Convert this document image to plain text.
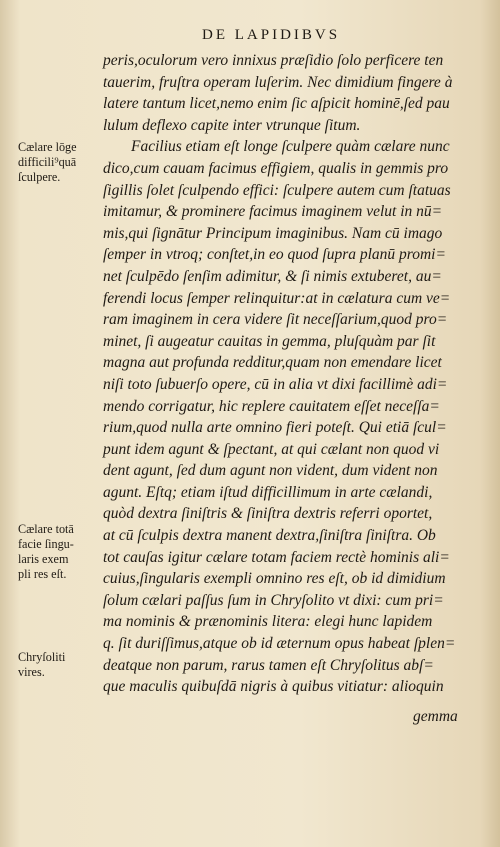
DE LAPIDIBVS
peris,oculorum vero innixus præſidio ſolo perficere ten
tauerim, fruſtra operam luſerim. Nec dimidium fingere à
latere tantum licet,nemo enim ſic aſpicit hominē,ſed pau
lulum deflexo capite inter vtrunque ſitum.
Facilius etiam eſt longe ſculpere quàm cælare nunc
dico,cum cauam facimus effigiem, qualis in gemmis pro
ſigillis ſolet ſculpendo effici: ſculpere autem cum ſtatuas
imitamur, & prominere facimus imaginem velut in nū=
mis,qui ſignātur Principum imaginibus. Nam cū imago
ſemper in vtroq; conſtet,in eo quod ſupra planū promi=
net ſculpēdo ſenſim adimitur, & ſi nimis extuberet, au=
ferendi locus ſemper relinquitur:at in cælatura cum ve=
ram imaginem in cera videre ſit neceſſarium,quod pro=
minet, ſi augeatur cauitas in gemma, pluſquàm par ſit
magna aut profunda redditur,quam non emendare licet
niſi toto ſubuerſo opere, cū in alia vt dixi facillimè adi=
mendo corrigatur, hic replere cauitatem eſſet neceſſa=
rium,quod nulla arte omnino fieri poteſt. Qui etiā ſcul=
punt idem agunt & ſpectant, at qui cælant non quod vi
dent agunt, ſed dum agunt non vident, dum vident non
agunt. Eſtq; etiam iſtud difficillimum in arte cælandi,
quòd dextra ſiniſtris & ſiniſtra dextris referri oportet,
at cū ſculpis dextra manent dextra,ſiniſtra ſiniſtra. Ob
tot cauſas igitur cælare totam faciem rectè hominis ali=
cuius,ſingularis exempli omnino res eſt, ob id dimidium
ſolum cælari paſſus ſum in Chryſolito vt dixi: cum pri=
ma nominis & prænominis litera: elegi hunc lapidem
q. ſit duriſſimus,atque ob id æternum opus habeat ſplen=
deatque non parum, rarus tamen eſt Chryſolitus abſ=
que maculis quibuſdā nigris à quibus vitiatur: alioquin
gemma
Cælare lōge
difficili⁹quā
ſculpere.
Cælare totā
facie ſingu-
laris exem
pli res eſt.
Chryſoliti
vires.
